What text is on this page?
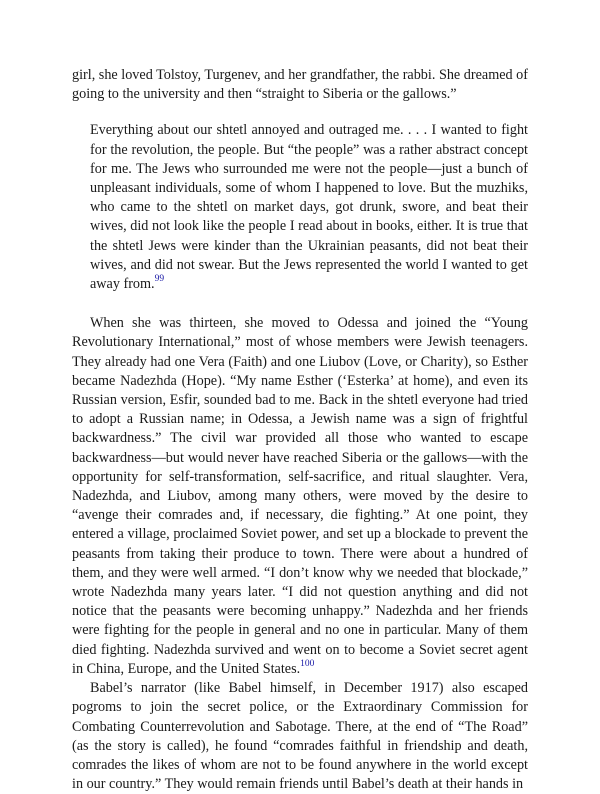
girl, she loved Tolstoy, Turgenev, and her grandfather, the rabbi. She dreamed of going to the university and then “straight to Siberia or the gallows.”

Everything about our shtetl annoyed and outraged me. . . . I wanted to fight for the revolution, the people. But “the people” was a rather abstract concept for me. The Jews who surrounded me were not the people—just a bunch of unpleasant individuals, some of whom I happened to love. But the muzhiks, who came to the shtetl on market days, got drunk, swore, and beat their wives, did not look like the people I read about in books, either. It is true that the shtetl Jews were kinder than the Ukrainian peasants, did not beat their wives, and did not swear. But the Jews represented the world I wanted to get away from.$^{99}$

When she was thirteen, she moved to Odessa and joined the “Young Revolutionary International,” most of whose members were Jewish teenagers. They already had one Vera (Faith) and one Liubov (Love, or Charity), so Esther became Nadezhda (Hope). “My name Esther (‘Esterka’ at home), and even its Russian version, Esfir, sounded bad to me. Back in the shtetl everyone had tried to adopt a Russian name; in Odessa, a Jewish name was a sign of frightful backwardness.” The civil war provided all those who wanted to escape backwardness—but would never have reached Siberia or the gallows—with the opportunity for self-transformation, self-sacrifice, and ritual slaughter. Vera, Nadezhda, and Liubov, among many others, were moved by the desire to “avenge their comrades and, if necessary, die fighting.” At one point, they entered a village, proclaimed Soviet power, and set up a blockade to prevent the peasants from taking their produce to town. There were about a hundred of them, and they were well armed. “I don’t know why we needed that blockade,” wrote Nadezhda many years later. “I did not question anything and did not notice that the peasants were becoming unhappy.” Nadezhda and her friends were fighting for the people in general and no one in particular. Many of them died fighting. Nadezhda survived and went on to become a Soviet secret agent in China, Europe, and the United States.$^{100}$

Babel’s narrator (like Babel himself, in December 1917) also escaped pogroms to join the secret police, or the Extraordinary Commission for Combating Counterrevolution and Sabotage. There, at the end of “The Road” (as the story is called), he found “comrades faithful in friendship and death, comrades the likes of whom are not to be found anywhere in the world except in our country.” They would remain friends until Babel’s death at their hands in
